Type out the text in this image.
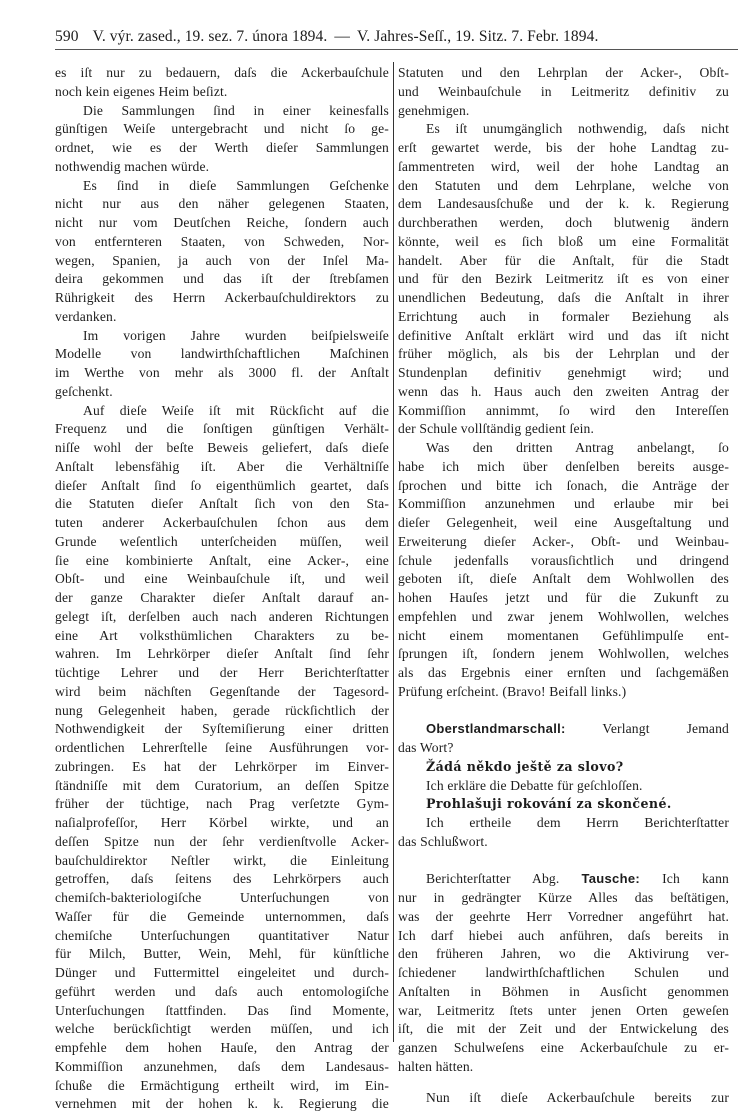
590 V. výr. zased., 19. sez. 7. února 1894. — V. Jahres-Seſſ., 19. Sitz. 7. Febr. 1894.
es iſt nur zu bedauern, daſs die Ackerbauſchule
noch kein eigenes Heim beſizt.
Die Sammlungen ſind in einer keinesfalls
günſtigen Weiſe untergebracht und nicht ſo ge-
ordnet, wie es der Werth dieſer Sammlungen
nothwendig machen würde.
Es ſind in dieſe Sammlungen Geſchenke
nicht nur aus den näher gelegenen Staaten,
nicht nur vom Deutſchen Reiche, ſondern auch
von entfernteren Staaten, von Schweden, Nor-
wegen, Spanien, ja auch von der Inſel Ma-
deira gekommen und das iſt der ſtrebſamen
Rührigkeit des Herrn Ackerbauſchuldirektors zu
verdanken.
Im vorigen Jahre wurden beiſpielsweiſe
Modelle von landwirthſchaftlichen Maſchinen
im Werthe von mehr als 3000 fl. der Anſtalt
geſchenkt.
Auf dieſe Weiſe iſt mit Rückſicht auf die
Frequenz und die ſonſtigen günſtigen Verhält-
niſſe wohl der beſte Beweis geliefert, daſs dieſe
Anſtalt lebensfähig iſt. Aber die Verhältniſſe
dieſer Anſtalt ſind ſo eigenthümlich geartet, daſs
die Statuten dieſer Anſtalt ſich von den Sta-
tuten anderer Ackerbauſchulen ſchon aus dem
Grunde weſentlich unterſcheiden müſſen, weil
ſie eine kombinierte Anſtalt, eine Acker-, eine
Obſt- und eine Weinbauſchule iſt, und weil
der ganze Charakter dieſer Anſtalt darauf an-
gelegt iſt, derſelben auch nach anderen Richtungen
eine Art volksthümlichen Charakters zu be-
wahren. Im Lehrkörper dieſer Anſtalt ſind ſehr
tüchtige Lehrer und der Herr Berichterſtatter
wird beim nächſten Gegenſtande der Tagesord-
nung Gelegenheit haben, gerade rückſichtlich der
Nothwendigkeit der Syſtemiſierung einer dritten
ordentlichen Lehrerſtelle ſeine Ausführungen vor-
zubringen. Es hat der Lehrkörper im Einver-
ſtändniſſe mit dem Curatorium, an deſſen Spitze
früher der tüchtige, nach Prag verſetzte Gym-
naſialprofeſſor, Herr Körbel wirkte, und an
deſſen Spitze nun der ſehr verdienſtvolle Acker-
bauſchuldirektor Neſtler wirkt, die Einleitung
getroffen, daſs ſeitens des Lehrkörpers auch
chemiſch-bakteriologiſche Unterſuchungen von
Waſſer für die Gemeinde unternommen, daſs
chemiſche Unterſuchungen quantitativer Natur
für Milch, Butter, Wein, Mehl, für künſtliche
Dünger und Futtermittel eingeleitet und durch-
geführt werden und daſs auch entomologiſche
Unterſuchungen ſtattfinden. Das ſind Momente,
welche berückſichtigt werden müſſen, und ich
empfehle dem hohen Hauſe, den Antrag der
Kommiſſion anzunehmen, daſs dem Landesaus-
ſchuße die Ermächtigung ertheilt wird, im Ein-
vernehmen mit der hohen k. k. Regierung die
Statuten und den Lehrplan der Acker-, Obſt-
und Weinbauſchule in Leitmeritz definitiv zu
genehmigen.
Es iſt unumgänglich nothwendig, daſs nicht
erſt gewartet werde, bis der hohe Landtag zu-
ſammentreten wird, weil der hohe Landtag an
den Statuten und dem Lehrplane, welche von
dem Landesausſchuße und der k. k. Regierung
durchberathen werden, doch blutwenig ändern
könnte, weil es ſich bloß um eine Formalität
handelt. Aber für die Anſtalt, für die Stadt
und für den Bezirk Leitmeritz iſt es von einer
unendlichen Bedeutung, daſs die Anſtalt in ihrer
Errichtung auch in formaler Beziehung als
definitive Anſtalt erklärt wird und das iſt nicht
früher möglich, als bis der Lehrplan und der
Stundenplan definitiv genehmigt wird; und
wenn das h. Haus auch den zweiten Antrag der
Kommiſſion annimmt, ſo wird den Intereſſen
der Schule vollſtändig gedient ſein.
Was den dritten Antrag anbelangt, ſo
habe ich mich über denſelben bereits ausge-
ſprochen und bitte ich ſonach, die Anträge der
Kommiſſion anzunehmen und erlaube mir bei
dieſer Gelegenheit, weil eine Ausgeſtaltung und
Erweiterung dieſer Acker-, Obſt- und Weinbau-
ſchule jedenfalls vorausſichtlich und dringend
geboten iſt, dieſe Anſtalt dem Wohlwollen des
hohen Hauſes jetzt und für die Zukunft zu
empfehlen und zwar jenem Wohlwollen, welches
nicht einem momentanen Gefühlimpulſe ent-
ſprungen iſt, ſondern jenem Wohlwollen, welches
als das Ergebnis einer ernſten und ſachgemäßen
Prüfung erſcheint. (Bravo! Beifall links.)
Oberstlandmarschall:	Verlangt Jemand
das Wort?
Žádá někdo ještě za slovo?
Ich erkläre die Debatte für geſchloſſen.
Prohlašuji rokování za skončené.
Ich ertheile dem Herrn Berichterſtatter
das Schlußwort.
Berichterſtatter Abg. Tausche: Ich kann
nur in gedrängter Kürze Alles das beſtätigen,
was der geehrte Herr Vorredner angeführt hat.
Ich darf hiebei auch anführen, daſs bereits in
den früheren Jahren, wo die Aktivirung ver-
ſchiedener landwirthſchaftlichen Schulen und
Anſtalten in Böhmen in Ausſicht genommen
war, Leitmeritz ſtets unter jenen Orten geweſen
iſt, die mit der Zeit und der Entwickelung des
ganzen Schulweſens eine Ackerbauſchule zu er-
halten hätten.
Nun iſt dieſe Ackerbauſchule bereits zur
